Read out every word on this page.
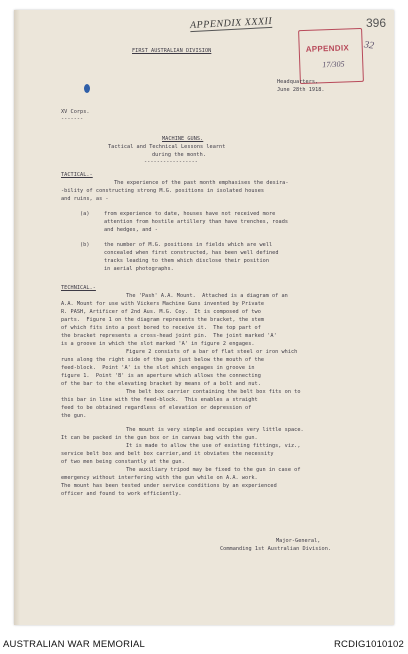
396
APPENDIX XXXII
APPENDIX
17/305
32
FIRST AUSTRALIAN DIVISION
Headquarters,
June 28th 1918.
XV Corps.
-------
MACHINE GUNS.
Tactical and Technical Lessons learnt
during the month.
-----------------
TACTICAL.-
The experience of the past month emphasises the desira-
-bility of constructing strong M.G. positions in isolated houses
and ruins, as -
(a)	from experience to date, houses have not received more
attention from hostile artillery than have trenches, roads
and hedges, and -
(b)	the number of M.G. positions in fields which are well
concealed when first constructed, has been well defined
tracks leading to them which disclose their position
in aerial photographs.
TECHNICAL.-
The 'Pash' A.A. Mount.  Attached is a diagram of an
A.A. Mount for use with Vickers Machine Guns invented by Private
R. PASH, Artificer of 2nd Aus. M.G. Coy.  It is composed of two
parts.  Figure 1 on the diagram represents the bracket, the stem
of which fits into a post bored to receive it.  The top part of
the bracket represents a cross-head joint pin.  The joint marked 'A'
is a groove in which the slot marked 'A' in figure 2 engages.
Figure 2 consists of a bar of flat steel or iron which
runs along the right side of the gun just below the mouth of the
feed-block.  Point 'A' is the slot which engages in groove in
figure 1.  Point 'B' is an aperture which allows the connecting
of the bar to the elevating bracket by means of a bolt and nut.
The belt box carrier containing the belt box fits on to
this bar in line with the feed-block.  This enables a straight
feed to be obtained regardless of elevation or depression of
the gun.
The mount is very simple and occupies very little space.
It can be packed in the gun box or in canvas bag with the gun.
It is made to allow the use of existing fittings, viz.,
service belt box and belt box carrier,and it obviates the necessity
of two men being constantly at the gun.
The auxiliary tripod may be fixed to the gun in case of
emergency without interfering with the gun while on A.A. work.
The mount has been tested under service conditions by an experienced
officer and found to work efficiently.
Major-General,
Commanding 1st Australian Division.
AUSTRALIAN WAR MEMORIAL	RCDIG1010102
